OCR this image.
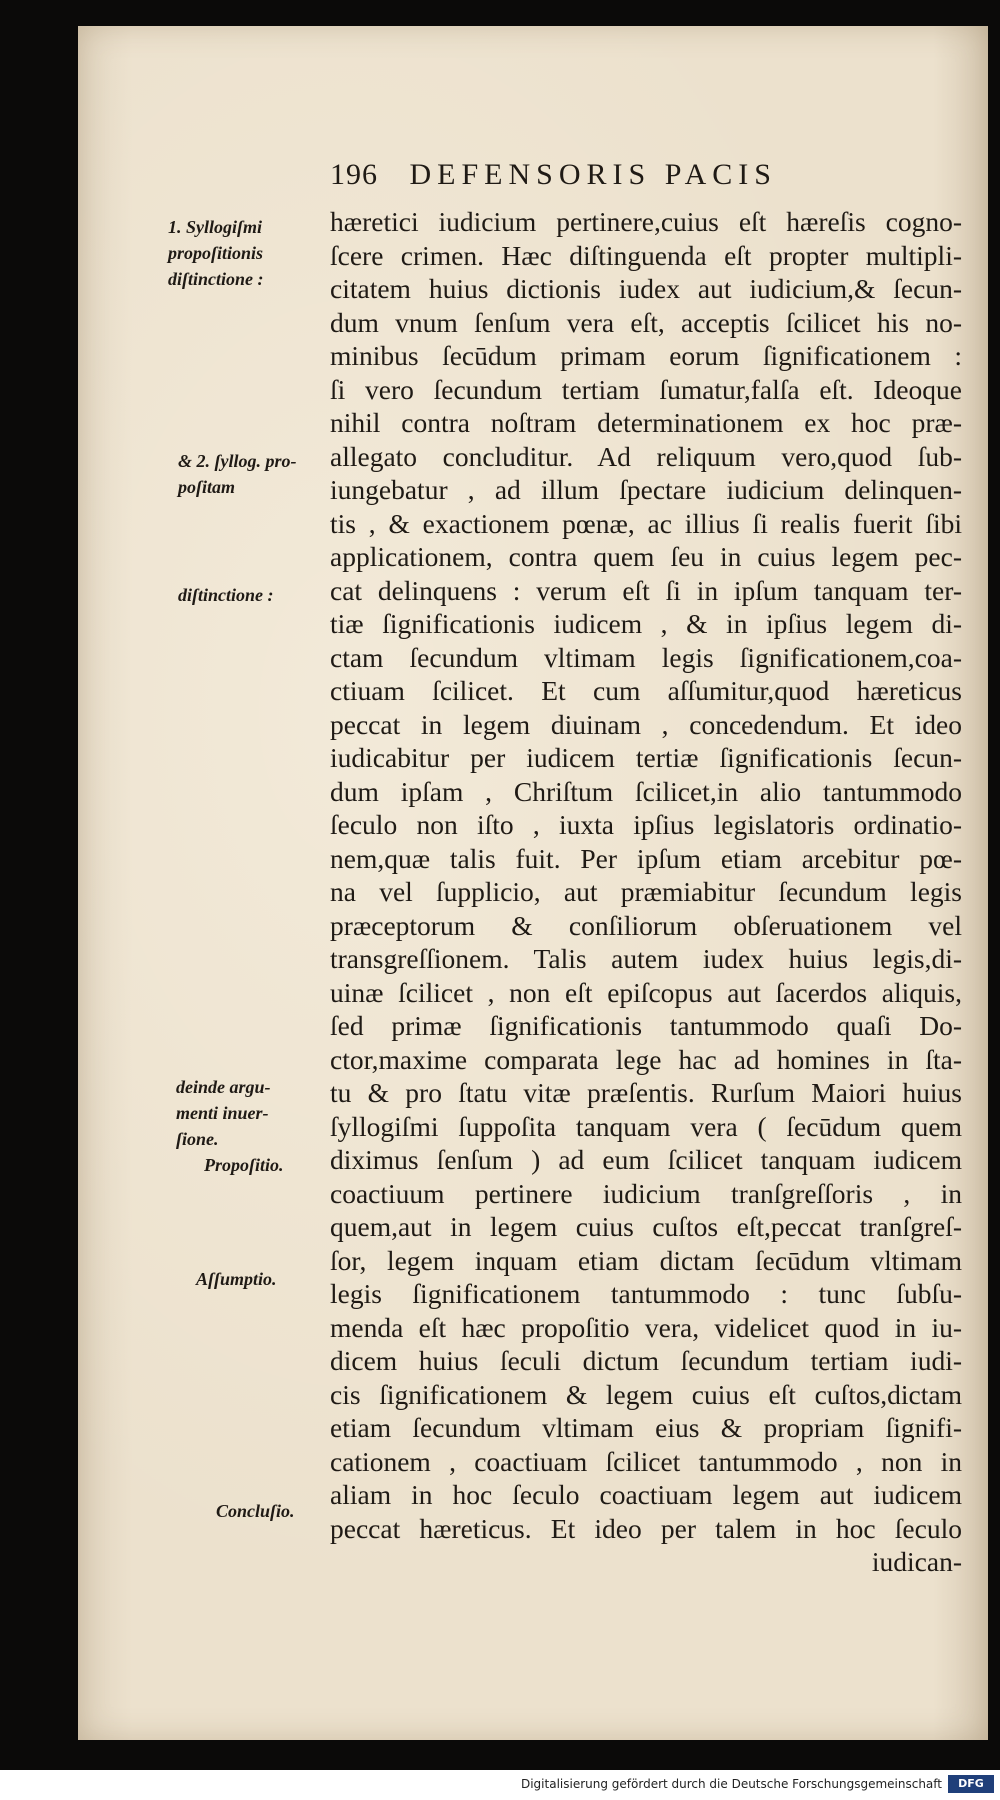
196 DEFENSORIS PACIS
hæretici iudicium pertinere,cuius eſt hæreſis cogno-
ſcere crimen. Hæc diſtinguenda eſt propter multipli-
citatem huius dictionis iudex aut iudicium,& ſecun-
dum vnum ſenſum vera eſt, acceptis ſcilicet his no-
minibus ſecūdum primam eorum ſignificationem :
ſi vero ſecundum tertiam ſumatur,falſa eſt. Ideoque
nihil contra noſtram determinationem ex hoc præ-
allegato concluditur. Ad reliquum vero,quod ſub-
iungebatur , ad illum ſpectare iudicium delinquen-
tis , & exactionem pœnæ, ac illius ſi realis fuerit ſibi
applicationem, contra quem ſeu in cuius legem pec-
cat delinquens : verum eſt ſi in ipſum tanquam ter-
tiæ ſignificationis iudicem , & in ipſius legem di-
ctam ſecundum vltimam legis ſignificationem,coa-
ctiuam ſcilicet. Et cum aſſumitur,quod hæreticus
peccat in legem diuinam , concedendum. Et ideo
iudicabitur per iudicem tertiæ ſignificationis ſecun-
dum ipſam , Chriſtum ſcilicet,in alio tantummodo
ſeculo non iſto , iuxta ipſius legislatoris ordinatio-
nem,quæ talis fuit. Per ipſum etiam arcebitur pœ-
na vel ſupplicio, aut præmiabitur ſecundum legis
præceptorum & conſiliorum obſeruationem vel
transgreſſionem. Talis autem iudex huius legis,di-
uinæ ſcilicet , non eſt epiſcopus aut ſacerdos aliquis,
ſed primæ ſignificationis tantummodo quaſi Do-
ctor,maxime comparata lege hac ad homines in ſta-
tu & pro ſtatu vitæ præſentis. Rurſum Maiori huius
ſyllogiſmi ſuppoſita tanquam vera ( ſecūdum quem
diximus ſenſum ) ad eum ſcilicet tanquam iudicem
coactiuum pertinere iudicium tranſgreſſoris , in
quem,aut in legem cuius cuſtos eſt,peccat tranſgreſ-
ſor, legem inquam etiam dictam ſecūdum vltimam
legis ſignificationem tantummodo : tunc ſubſu-
menda eſt hæc propoſitio vera, videlicet quod in iu-
dicem huius ſeculi dictum ſecundum tertiam iudi-
cis ſignificationem & legem cuius eſt cuſtos,dictam
etiam ſecundum vltimam eius & propriam ſignifi-
cationem , coactiuam ſcilicet tantummodo , non in
aliam in hoc ſeculo coactiuam legem aut iudicem
peccat hæreticus. Et ideo per talem in hoc ſeculo
iudican-
1. Syllogiſmi
propoſitionis
diſtinctione :
& 2. ſyllog. pro-
poſitam
diſtinctione :
deinde argu-
menti inuer-
ſione.
Propoſitio.
Aſſumptio.
Concluſio.
Digitalisierung gefördert durch die Deutsche Forschungsgemeinschaft	DFG
